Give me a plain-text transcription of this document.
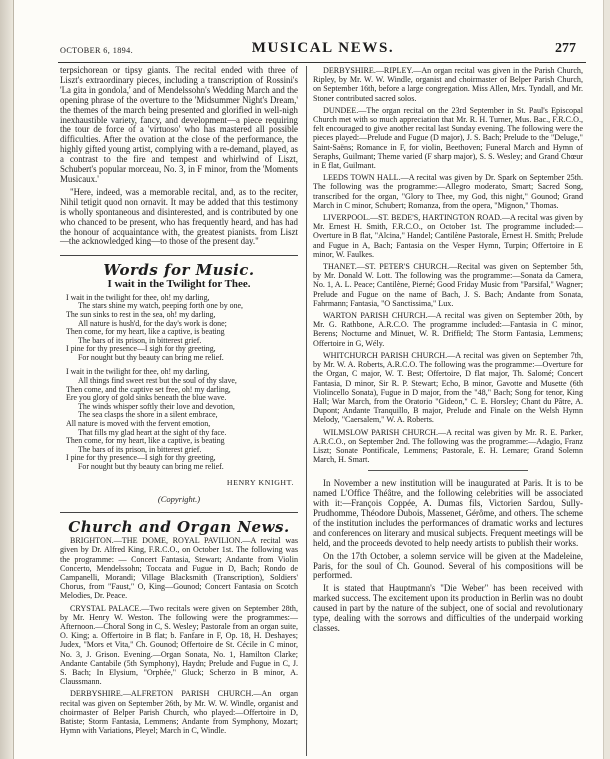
OCTOBER 6, 1894.	MUSICAL NEWS.	277

terpsichorean or tipsy giants. The recital ended with three of Liszt's extraordinary pieces, including a transcription of Rossini's 'La gita in gondola,' and of Mendelssohn's Wedding March and the opening phrase of the overture to the 'Midsummer Night's Dream,' the themes of the march being presented and glorified in well-nigh inexhaustible variety, fancy, and development—a piece requiring the tour de force of a 'virtuoso' who has mastered all possible difficulties. After the ovation at the close of the performance, the highly gifted young artist, complying with a re-demand, played, as a contrast to the fire and tempest and whirlwind of Liszt, Schubert's popular morceau, No. 3, in F minor, from the 'Moments Musicaux.'

"Here, indeed, was a memorable recital, and, as to the reciter, Nihil tetigit quod non ornavit. It may be added that this testimony is wholly spontaneous and disinterested, and is contributed by one who chanced to be present, who has frequently heard, and has had the honour of acquaintance with, the greatest pianists. from Liszt—the acknowledged king—to those of the present day."

Words for Music.
I wait in the Twilight for Thee.
I wait in the twilight for thee, oh! my darling,
The stars shine my watch, peeping forth one by one,
The sun sinks to rest in the sea, oh! my darling,
All nature is hush'd, for the day's work is done;
Then come, for my heart, like a captive, is beating
The bars of its prison, in bitterest grief.
I pine for thy presence—I sigh for thy greeting,
For nought but thy beauty can bring me relief.
I wait in the twilight for thee, oh! my darling,
All things find sweet rest but the soul of thy slave,
Then come, and the captive set free, oh! my darling,
Ere you glory of gold sinks beneath the blue wave.
The winds whisper softly their love and devotion,
The sea clasps the shore in a silent embrace,
All nature is moved with the fervent emotion,
That fills my glad heart at the sight of thy face.
Then come, for my heart, like a captive, is beating
The bars of its prison, in bitterest grief.
I pine for thy presence—I sigh for thy greeting,
For nought but thy beauty can bring me relief.
HENRY KNIGHT.
(Copyright.)
Church and Organ News.

BRIGHTON.—THE DOME, ROYAL PAVILION.—A recital was given by Dr. Alfred King, F.R.C.O., on October 1st. The following was the programme: — Concert Fantasia, Stewart; Andante from Violin Concerto, Mendelssohn; Toccata and Fugue in D, Bach; Rondo de Campanelli, Morandi; Village Blacksmith (Transcription), Soldiers' Chorus, from "Faust," O, King—Gounod; Concert Fantasia on Scotch Melodies, Dr. Peace.

CRYSTAL PALACE.—Two recitals were given on September 28th, by Mr. Henry W. Weston. The following were the programmes:—Afternoon.—Choral Song in C, S. Wesley; Pastorale from an organ suite, O. King; a. Offertoire in B flat; b. Fanfare in F, Op. 18, H. Deshayes; Judex, "Mors et Vita," Ch. Gounod; Offertoire de St. Cécile in C minor, No. 3, J. Grison. Evening.—Organ Sonata, No. 1, Hamilton Clarke; Andante Cantabile (5th Symphony), Haydn; Prelude and Fugue in C, J. S. Bach; In Elysium, "Orphée," Gluck; Scherzo in B minor, A. Claussmann.

DERBYSHIRE.—ALFRETON PARISH CHURCH.—An organ recital was given on September 26th, by Mr. W. W. Windle, organist and choirmaster of Belper Parish Church, who played:—Offertoire in D, Batiste; Storm Fantasia, Lemmens; Andante from Symphony, Mozart; Hymn with Variations, Pleyel; March in C, Windle.

DERBYSHIRE.—RIPLEY.—An organ recital was given in the Parish Church, Ripley, by Mr. W. W. Windle, organist and choirmaster of Belper Parish Church, on September 16th, before a large congregation. Miss Allen, Mrs. Tyndall, and Mr. Stoner contributed sacred solos.

DUNDEE.—The organ recital on the 23rd September in St. Paul's Episcopal Church met with so much appreciation that Mr. R. H. Turner, Mus. Bac., F.R.C.O., felt encouraged to give another recital last Sunday evening. The following were the pieces played:—Prelude and Fugue (D major), J. S. Bach; Prelude to the "Deluge," Saint-Saëns; Romance in F, for violin, Beethoven; Funeral March and Hymn of Seraphs, Guilmant; Theme varied (F sharp major), S. S. Wesley; and Grand Chœur in E flat, Guilmant.

LEEDS TOWN HALL.—A recital was given by Dr. Spark on September 25th. The following was the programme:—Allegro moderato, Smart; Sacred Song, transcribed for the organ, "Glory to Thee, my God, this night," Gounod; Grand March in C minor, Schubert; Romanza, from the opera, "Mignon," Thomas.

LIVERPOOL.—ST. BEDE'S, HARTINGTON ROAD.—A recital was given by Mr. Ernest H. Smith, F.R.C.O., on October 1st. The programme included:—Overture in B flat, "Alcina," Handel; Cantilène Pastorale, Ernest H. Smith; Prelude and Fugue in A, Bach; Fantasia on the Vesper Hymn, Turpin; Offertoire in E minor, W. Faulkes.

THANET.—ST. PETER'S CHURCH.—Recital was given on September 5th, by Mr. Donald W. Lott. The following was the programme:—Sonata da Camera, No. 1, A. L. Peace; Cantilène, Pierné; Good Friday Music from "Parsifal," Wagner; Prelude and Fugue on the name of Bach, J. S. Bach; Andante from Sonata, Fahrmann; Fantasia, "O Sanctissima," Lux.

WARTON PARISH CHURCH.—A recital was given on September 20th, by Mr. G. Rathbone, A.R.C.O. The programme included:—Fantasia in C minor, Berens; Nocturne and Minuet, W. R. Driffield; The Storm Fantasia, Lemmens; Offertoire in G, Wély.

WHITCHURCH PARISH CHURCH.—A recital was given on September 7th, by Mr. W. A. Roberts, A.R.C.O. The following was the programme:—Overture for the Organ, C major, W. T. Best; Offertoire, D flat major, Th. Salomé; Concert Fantasia, D minor, Sir R. P. Stewart; Echo, B minor, Gavotte and Musette (6th Violincello Sonata), Fugue in D major, from the "48," Bach; Song for tenor, King Hall; War March, from the Oratorio "Gideon," C. E. Horsley; Chant du Pâtre, A. Dupont; Andante Tranquillo, B major, Prelude and Finale on the Welsh Hymn Melody, "Caersalem," W. A. Roberts.

WILMSLOW PARISH CHURCH.—A recital was given by Mr. R. E. Parker, A.R.C.O., on September 2nd. The following was the programme:—Adagio, Franz Liszt; Sonate Pontificale, Lemmens; Pastorale, E. H. Lemare; Grand Solemn March, H. Smart.

In November a new institution will be inaugurated at Paris. It is to be named L'Office Théâtre, and the following celebrities will be associated with it:—François Coppée, A. Dumas fils, Victorien Sardou, Sully-Prudhomme, Théodore Dubois, Massenet, Gérôme, and others. The scheme of the institution includes the performances of dramatic works and lectures and conferences on literary and musical subjects. Frequent meetings will be held, and the proceeds devoted to help needy artists to publish their works.

On the 17th October, a solemn service will be given at the Madeleine, Paris, for the soul of Ch. Gounod. Several of his compositions will be performed.

It is stated that Hauptmann's "Die Weber" has been received with marked success. The excitement upon its production in Berlin was no doubt caused in part by the nature of the subject, one of social and revolutionary type, dealing with the sorrows and difficulties of the underpaid working classes.
